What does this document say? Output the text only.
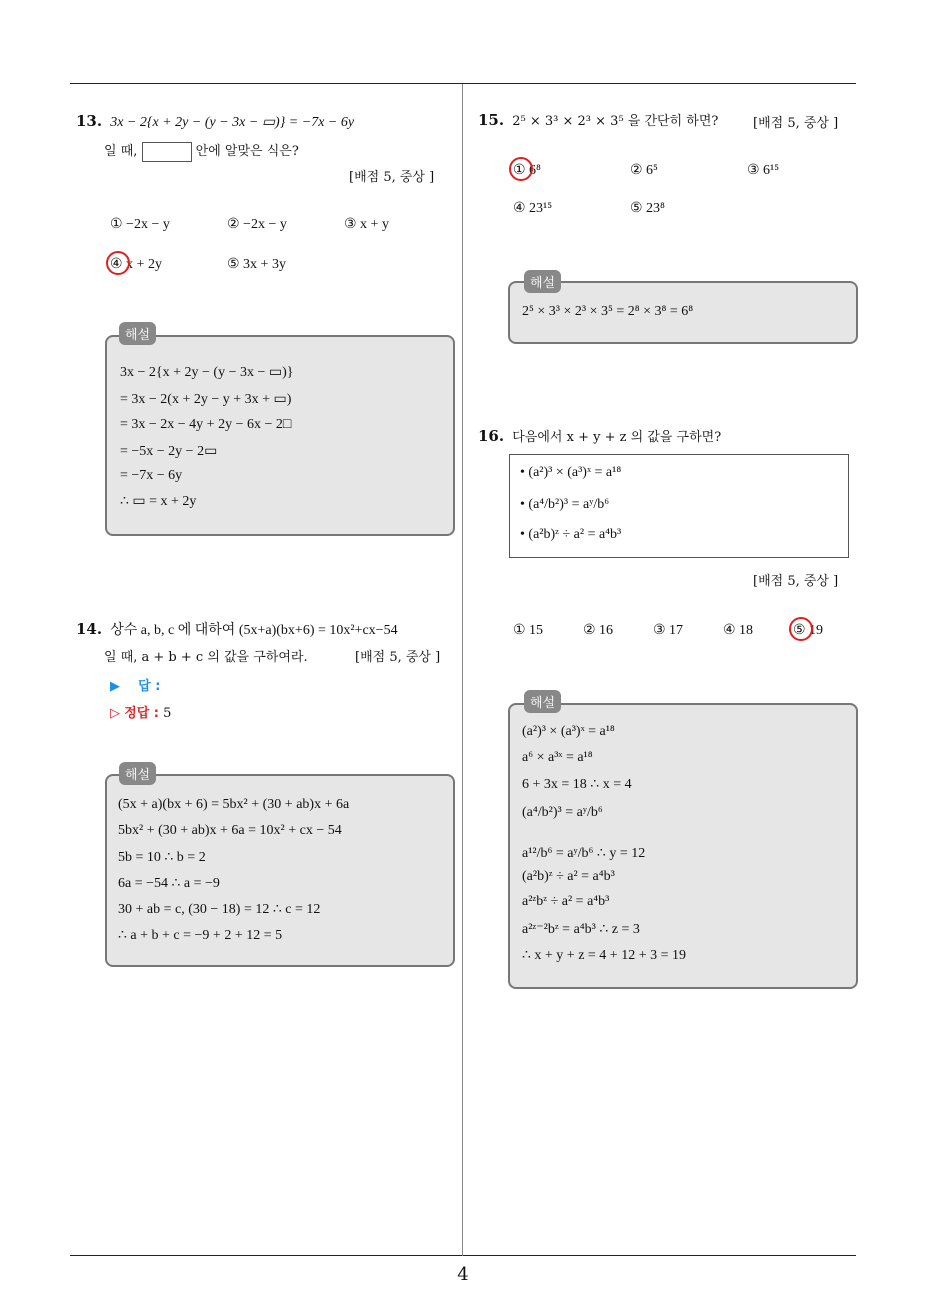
13. 3x − 2{x + 2y − (y − 3x − ▭)} = −7x − 6y
일 때,	안에 알맞은 식은?
[배점 5, 중상 ]
① −2x − y	② −2x − y	③ x + y
④ x + 2y	⑤ 3x + 3y
해설
3x − 2{x + 2y − (y − 3x − ▭)}
= 3x − 2(x + 2y − y + 3x + ▭)
= 3x − 2x − 4y + 2y − 6x − 2□
= −5x − 2y − 2▭
= −7x − 6y
∴ ▭ = x + 2y
14. 상수 a, b, c 에 대하여 (5x+a)(bx+6) = 10x²+cx−54
일 때, a + b + c 의 값을 구하여라.	[배점 5, 중상 ]
▶ 답 :
▷ 정답 : 5
해설
(5x + a)(bx + 6) = 5bx² + (30 + ab)x + 6a
5bx² + (30 + ab)x + 6a = 10x² + cx − 54
5b = 10 ∴ b = 2
6a = −54 ∴ a = −9
30 + ab = c, (30 − 18) = 12 ∴ c = 12
∴ a + b + c = −9 + 2 + 12 = 5
15. 2⁵ × 3³ × 2³ × 3⁵ 을 간단히 하면?	[배점 5, 중상 ]
① 6⁸	② 6⁵	③ 6¹⁵
④ 23¹⁵	⑤ 23⁸
해설
2⁵ × 3³ × 2³ × 3⁵ = 2⁸ × 3⁸ = 6⁸
16. 다음에서 x + y + z 의 값을 구하면?
• (a²)³ × (a³)ˣ = a¹⁸
• (a⁴/b²)³ = aʸ/b⁶
• (a²b)ᶻ ÷ a² = a⁴b³
[배점 5, 중상 ]
① 15	② 16	③ 17	④ 18	⑤ 19
해설
(a²)³ × (a³)ˣ = a¹⁸
a⁶ × a³ˣ = a¹⁸
6 + 3x = 18 ∴ x = 4
(a⁴/b²)³ = aʸ/b⁶
a¹²/b⁶ = aʸ/b⁶ ∴ y = 12
(a²b)ᶻ ÷ a² = a⁴b³
a²ᶻbᶻ ÷ a² = a⁴b³
a²ᶻ⁻²bᶻ = a⁴b³ ∴ z = 3
∴ x + y + z = 4 + 12 + 3 = 19
4
